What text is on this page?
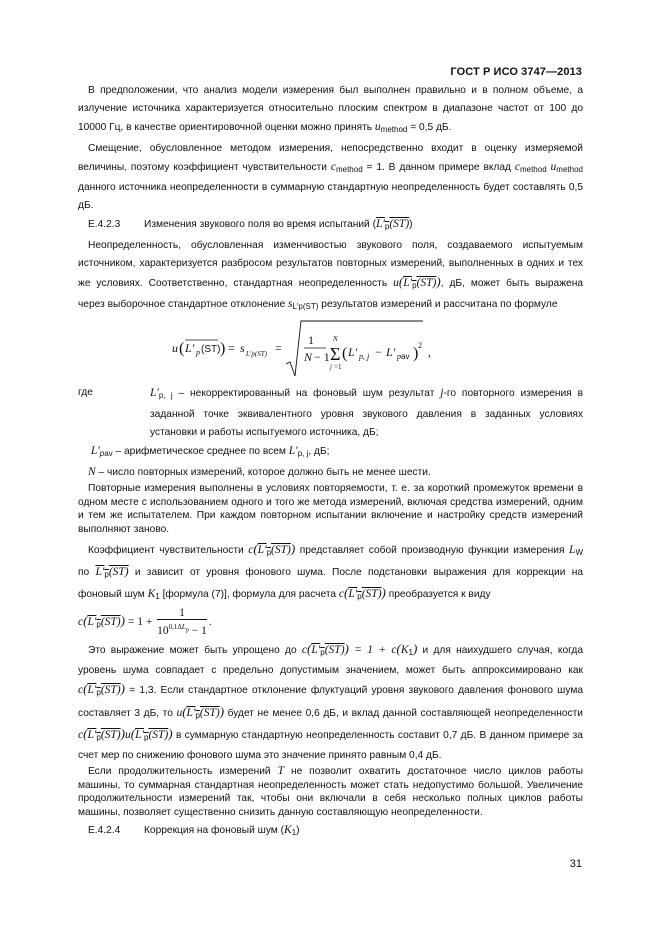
ГОСТ Р ИСО 3747—2013

В предположении, что анализ модели измерения был выполнен правильно и в полном объеме, а излучение источника характеризуется относительно плоским спектром в диапазоне частот от 100 до 10000 Гц, в качестве ориентировочной оценки можно принять $u_{method} = 0,5$ дБ.

Смещение, обусловленное методом измерения, непосредственно входит в оценку измеряемой величины, поэтому коэффициент чувствительности $c_{method} = 1$. В данном примере вклад $c_{method}$ $u_{method}$ данного источника неопределенности в суммарную стандартную неопределенность будет составлять 0,5 дБ.

E.4.2.3 Изменения звукового поля во время испытаний $(L'_p(ST))$

Неопределенность, обусловленная изменчивостью звукового поля, создаваемого испытуемым источником, характеризуется разбросом результатов повторных измерений, выполненных в одних и тех же условиях. Соответственно, стандартная неопределенность $u(L'_p(ST))$, дБ, может быть выражена через выборочное стандартное отклонение $s_{L'p(ST)}$ результатов измерений и рассчитана по формуле

u ( L′ p (ST) ) = s L′p(ST) =
1
N − 1 Σ
N
j =1
( L′ p, j − L′ pav ) 2 ,
где	$L'_{p, j}$ – некорректированный на фоновый шум результат j-го повторного измерения в заданной точке эквивалентного уровня звукового давления в заданных условиях установки и работы испытуемого источника, дБ;

$L'_{pav}$ – арифметическое среднее по всем $L'_{p, j}$, дБ;

N – число повторных измерений, которое должно быть не менее шести.

Повторные измерения выполнены в условиях повторяемости, т. е. за короткий промежуток времени в одном месте с использованием одного и того же метода измерений, включая средства измерений, одним и тем же испытателем. При каждом повторном испытании включение и настройку средств измерений выполняют заново.

Коэффициент чувствительности $c(L'_p(ST))$ представляет собой производную функции измерения $L_W$ по $L'_p(ST)$ и зависит от уровня фонового шума. После подстановки выражения для коррекции на фоновый шум $K_1$ [формула (7)], формула для расчета $c(L'_p(ST))$ преобразуется к виду

$c(L'_p(ST)) = 1 + \frac{1}{10^{0,1\Delta L_p} - 1}$ .

Это выражение может быть упрощено до $c(L'_p(ST)) = 1 + c(K_1)$ и для наихудшего случая, когда уровень шума совпадает с предельно допустимым значением, может быть аппроксимировано как $c(L'_p(ST)) = 1,3$. Если стандартное отклонение флуктуаций уровня звукового давления фонового шума составляет 3 дБ, то $u(L'_p(ST))$ будет не менее 0,6 дБ, и вклад данной составляющей неопределенности $c(L'_p(ST))u(L'_p(ST))$ в суммарную стандартную неопределенность составит 0,7 дБ. В данном примере за счет мер по снижению фонового шума это значение принято равным 0,4 дБ.

Если продолжительность измерений T не позволит охватить достаточное число циклов работы машины, то суммарная стандартная неопределенность может стать недопустимо большой. Увеличение продолжительности измерений так, чтобы они включали в себя несколько полных циклов работы машины, позволяет существенно снизить данную составляющую неопределенности.

E.4.2.4 Коррекция на фоновый шум $(K_1)$

31
